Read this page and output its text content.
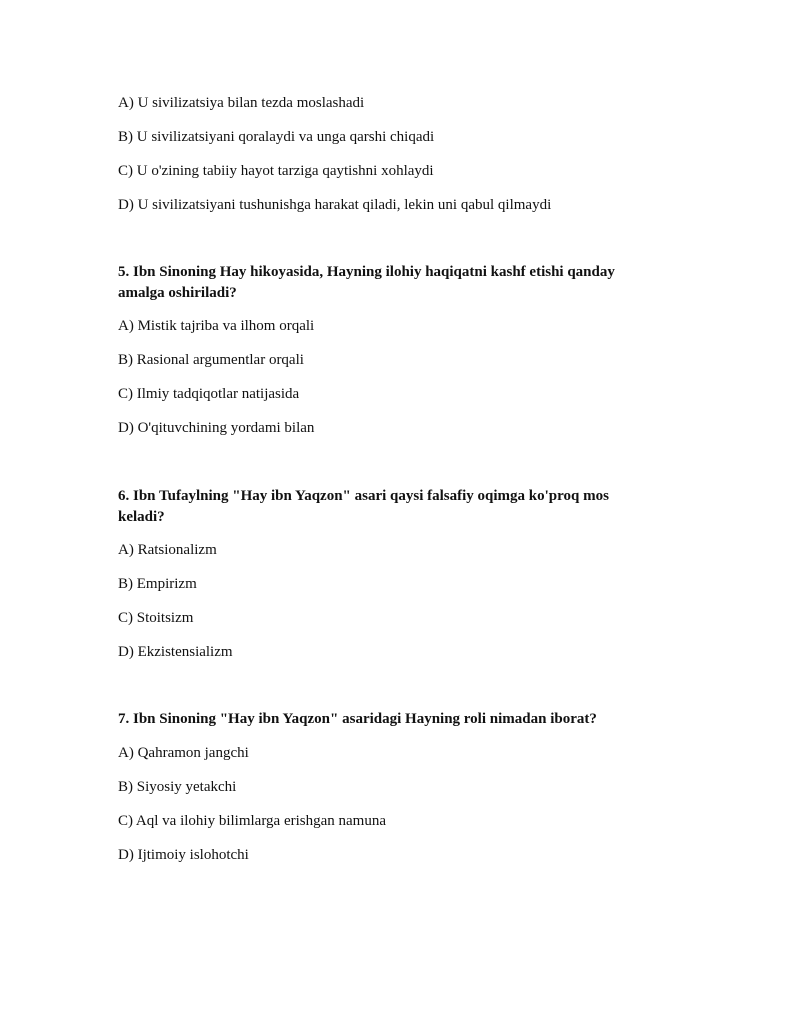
A) U sivilizatsiya bilan tezda moslashadi
B) U sivilizatsiyani qoralaydi va unga qarshi chiqadi
C) U o'zining tabiiy hayot tarziga qaytishni xohlaydi
D) U sivilizatsiyani tushunishga harakat qiladi, lekin uni qabul qilmaydi
5. Ibn Sinoning Hay hikoyasida, Hayning ilohiy haqiqatni kashf etishi qanday amalga oshiriladi?
A) Mistik tajriba va ilhom orqali
B) Rasional argumentlar orqali
C) Ilmiy tadqiqotlar natijasida
D) O'qituvchining yordami bilan
6. Ibn Tufaylning "Hay ibn Yaqzon" asari qaysi falsafiy oqimga ko'proq mos keladi?
A) Ratsionalizm
B) Empirizm
C) Stoitsizm
D) Ekzistensializm
7. Ibn Sinoning "Hay ibn Yaqzon" asaridagi Hayning roli nimadan iborat?
A) Qahramon jangchi
B) Siyosiy yetakchi
C) Aql va ilohiy bilimlarga erishgan namuna
D) Ijtimoiy islohotchi
